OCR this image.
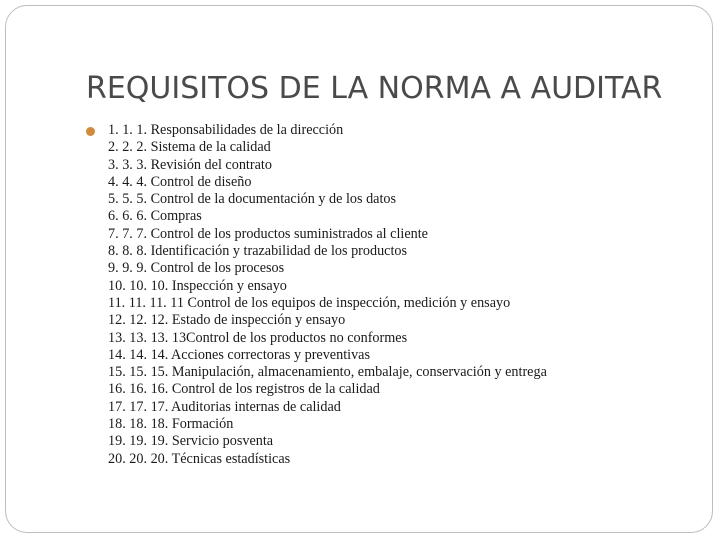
REQUISITOS DE LA NORMA A AUDITAR
1. 1. 1. Responsabilidades de la dirección
2. 2. 2. Sistema de la calidad
3. 3. 3. Revisión del contrato
4. 4. 4. Control de diseño
5. 5. 5. Control de la documentación y de los datos
6. 6. 6. Compras
7. 7. 7. Control de los productos suministrados al cliente
8. 8. 8. Identificación y trazabilidad de los productos
9. 9. 9. Control de los procesos
10. 10. 10. Inspección y ensayo
11. 11. 11. 11 Control de los equipos de inspección, medición y ensayo
12. 12. 12. Estado de inspección y ensayo
13. 13. 13. 13Control de los productos no conformes
14. 14. 14. Acciones correctoras y preventivas
15. 15. 15. Manipulación, almacenamiento, embalaje, conservación y entrega
16. 16. 16. Control de los registros de la calidad
17. 17. 17. Auditorias internas de calidad
18. 18. 18. Formación
19. 19. 19. Servicio posventa
20. 20. 20. Técnicas estadísticas
